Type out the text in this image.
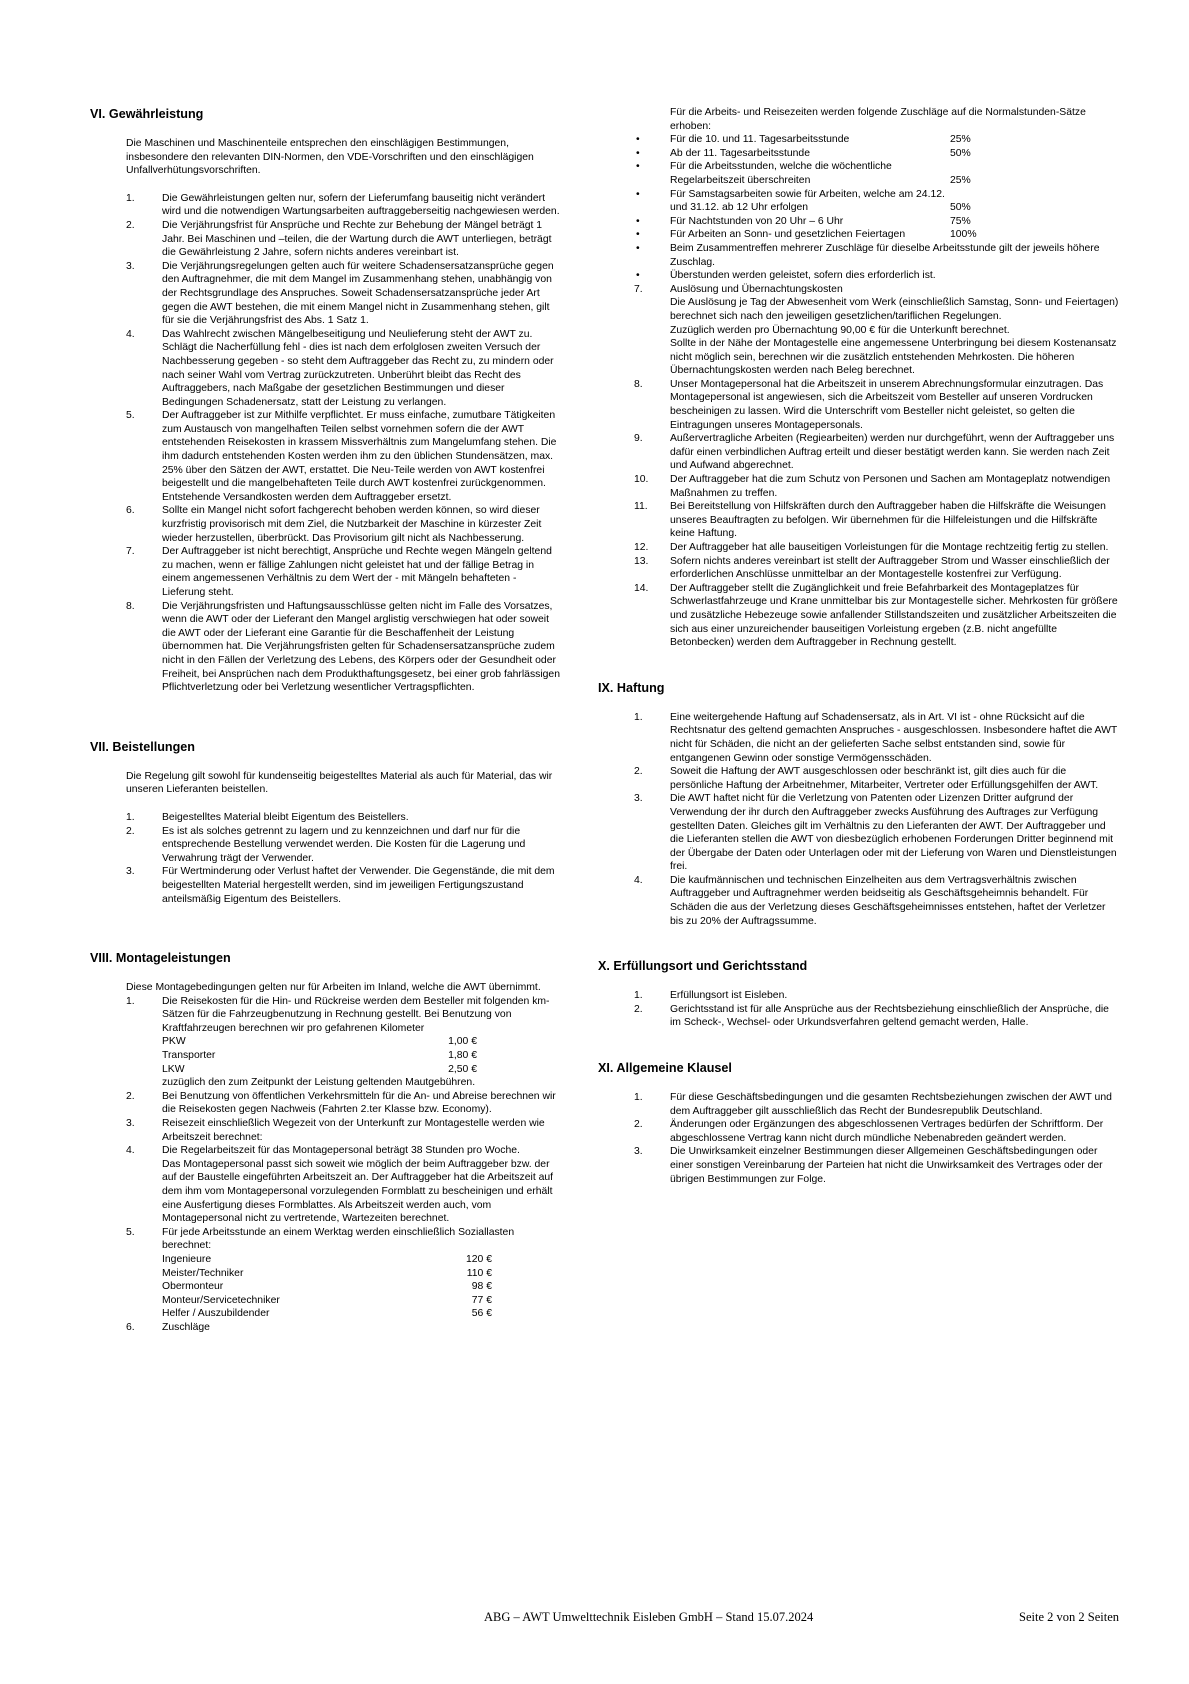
VI. Gewährleistung

Die Maschinen und Maschinenteile entsprechen den einschlägigen Bestimmungen, insbesondere den relevanten DIN-Normen, den VDE-Vorschriften und den einschlägigen Unfallverhütungsvorschriften.

1.	Die Gewährleistungen gelten nur, sofern der Lieferumfang bauseitig nicht verändert wird und die notwendigen Wartungsarbeiten auftraggeberseitig nachgewiesen werden.
2.	Die Verjährungsfrist für Ansprüche und Rechte zur Behebung der Mängel beträgt 1 Jahr. Bei Maschinen und –teilen, die der Wartung durch die AWT unterliegen, beträgt die Gewährleistung 2 Jahre, sofern nichts anderes vereinbart ist.
3.	Die Verjährungsregelungen gelten auch für weitere Schadensersatzansprüche gegen den Auftragnehmer, die mit dem Mangel im Zusammenhang stehen, unabhängig von der Rechtsgrundlage des Anspruches. Soweit Schadensersatzansprüche jeder Art gegen die AWT bestehen, die mit einem Mangel nicht in Zusammenhang stehen, gilt für sie die Verjährungsfrist des Abs. 1 Satz 1.
4.	Das Wahlrecht zwischen Mängelbeseitigung und Neulieferung steht der AWT zu. Schlägt die Nacherfüllung fehl - dies ist nach dem erfolglosen zweiten Versuch der Nachbesserung gegeben - so steht dem Auftraggeber das Recht zu, zu mindern oder nach seiner Wahl vom Vertrag zurückzutreten. Unberührt bleibt das Recht des Auftraggebers, nach Maßgabe der gesetzlichen Bestimmungen und dieser Bedingungen Schadenersatz, statt der Leistung zu verlangen.
5.	Der Auftraggeber ist zur Mithilfe verpflichtet. Er muss einfache, zumutbare Tätigkeiten zum Austausch von mangelhaften Teilen selbst vornehmen sofern die der AWT entstehenden Reisekosten in krassem Missverhältnis zum Mangelumfang stehen. Die ihm dadurch entstehenden Kosten werden ihm zu den üblichen Stundensätzen, max. 25% über den Sätzen der AWT, erstattet. Die Neu-Teile werden von AWT kostenfrei beigestellt und die mangelbehafteten Teile durch AWT kostenfrei zurückgenommen. Entstehende Versandkosten werden dem Auftraggeber ersetzt.
6.	Sollte ein Mangel nicht sofort fachgerecht behoben werden können, so wird dieser kurzfristig provisorisch mit dem Ziel, die Nutzbarkeit der Maschine in kürzester Zeit wieder herzustellen, überbrückt. Das Provisorium gilt nicht als Nachbesserung.
7.	Der Auftraggeber ist nicht berechtigt, Ansprüche und Rechte wegen Mängeln geltend zu machen, wenn er fällige Zahlungen nicht geleistet hat und der fällige Betrag in einem angemessenen Verhältnis zu dem Wert der - mit Mängeln behafteten - Lieferung steht.
8.	Die Verjährungsfristen und Haftungsausschlüsse gelten nicht im Falle des Vorsatzes, wenn die AWT oder der Lieferant den Mangel arglistig verschwiegen hat oder soweit die AWT oder der Lieferant eine Garantie für die Beschaffenheit der Leistung übernommen hat. Die Verjährungsfristen gelten für Schadensersatzansprüche zudem nicht in den Fällen der Verletzung des Lebens, des Körpers oder der Gesundheit oder Freiheit, bei Ansprüchen nach dem Produkthaftungsgesetz, bei einer grob fahrlässigen Pflichtverletzung oder bei Verletzung wesentlicher Vertragspflichten.
VII. Beistellungen

Die Regelung gilt sowohl für kundenseitig beigestelltes Material als auch für Material, das wir unseren Lieferanten beistellen.

1.	Beigestelltes Material bleibt Eigentum des Beistellers.
2.	Es ist als solches getrennt zu lagern und zu kennzeichnen und darf nur für die entsprechende Bestellung verwendet werden. Die Kosten für die Lagerung und Verwahrung trägt der Verwender.
3.	Für Wertminderung oder Verlust haftet der Verwender. Die Gegenstände, die mit dem beigestellten Material hergestellt werden, sind im jeweiligen Fertigungszustand anteilsmäßig Eigentum des Beistellers.
VIII. Montageleistungen

Diese Montagebedingungen gelten nur für Arbeiten im Inland, welche die AWT übernimmt.

1.	Die Reisekosten für die Hin- und Rückreise werden dem Besteller mit folgenden km-Sätzen für die Fahrzeugbenutzung in Rechnung gestellt. Bei Benutzung von Kraftfahrzeugen berechnen wir pro gefahrenen Kilometer
PKW	1,00 €
Transporter	1,80 €
LKW	2,50 €
zuzüglich den zum Zeitpunkt der Leistung geltenden Mautgebühren.
2.	Bei Benutzung von öffentlichen Verkehrsmitteln für die An- und Abreise berechnen wir die Reisekosten gegen Nachweis (Fahrten 2.ter Klasse bzw. Economy).
3.	Reisezeit einschließlich Wegezeit von der Unterkunft zur Montagestelle werden wie Arbeitszeit berechnet:
4.	Die Regelarbeitszeit für das Montagepersonal beträgt 38 Stunden pro Woche.
Das Montagepersonal passt sich soweit wie möglich der beim Auftraggeber bzw. der auf der Baustelle eingeführten Arbeitszeit an. Der Auftraggeber hat die Arbeitszeit auf dem ihm vom Montagepersonal vorzulegenden Formblatt zu bescheinigen und erhält eine Ausfertigung dieses Formblattes. Als Arbeitszeit werden auch, vom Montagepersonal nicht zu vertretende, Wartezeiten berechnet.
5.	Für jede Arbeitsstunde an einem Werktag werden einschließlich Soziallasten berechnet:
Ingenieure	120 €
Meister/Techniker	110 €
Obermonteur	98 €
Monteur/Servicetechniker	77 €
Helfer / Auszubildender	56 €
6.	Zuschläge
Für die Arbeits- und Reisezeiten werden folgende Zuschläge auf die Normalstunden-Sätze erhoben:
• Für die 10. und 11. Tagesarbeitsstunde	25%
• Ab der 11. Tagesarbeitsstunde	50%
• Für die Arbeitsstunden, welche die wöchentliche Regelarbeitszeit überschreiten	25%
• Für Samstagsarbeiten sowie für Arbeiten, welche am 24.12. und 31.12. ab 12 Uhr erfolgen	50%
• Für Nachtstunden von 20 Uhr – 6 Uhr	75%
• Für Arbeiten an Sonn- und gesetzlichen Feiertagen	100%
• Beim Zusammentreffen mehrerer Zuschläge für dieselbe Arbeitsstunde gilt der jeweils höhere Zuschlag.
• Überstunden werden geleistet, sofern dies erforderlich ist.
7.	Auslösung und Übernachtungskosten
Die Auslösung je Tag der Abwesenheit vom Werk (einschließlich Samstag, Sonn- und Feiertagen) berechnet sich nach den jeweiligen gesetzlichen/tariflichen Regelungen.
Zuzüglich werden pro Übernachtung 90,00 € für die Unterkunft berechnet.
Sollte in der Nähe der Montagestelle eine angemessene Unterbringung bei diesem Kostenansatz nicht möglich sein, berechnen wir die zusätzlich entstehenden Mehrkosten. Die höheren Übernachtungskosten werden nach Beleg berechnet.
8.	Unser Montagepersonal hat die Arbeitszeit in unserem Abrechnungsformular einzutragen. Das Montagepersonal ist angewiesen, sich die Arbeitszeit vom Besteller auf unseren Vordrucken bescheinigen zu lassen. Wird die Unterschrift vom Besteller nicht geleistet, so gelten die Eintragungen unseres Montagepersonals.
9.	Außervertragliche Arbeiten (Regiearbeiten) werden nur durchgeführt, wenn der Auftraggeber uns dafür einen verbindlichen Auftrag erteilt und dieser bestätigt werden kann. Sie werden nach Zeit und Aufwand abgerechnet.
10. Der Auftraggeber hat die zum Schutz von Personen und Sachen am Montageplatz notwendigen Maßnahmen zu treffen.
11. Bei Bereitstellung von Hilfskräften durch den Auftraggeber haben die Hilfskräfte die Weisungen unseres Beauftragten zu befolgen. Wir übernehmen für die Hilfeleistungen und die Hilfskräfte keine Haftung.
12. Der Auftraggeber hat alle bauseitigen Vorleistungen für die Montage rechtzeitig fertig zu stellen.
13. Sofern nichts anderes vereinbart ist stellt der Auftraggeber Strom und Wasser einschließlich der erforderlichen Anschlüsse unmittelbar an der Montagestelle kostenfrei zur Verfügung.
14. Der Auftraggeber stellt die Zugänglichkeit und freie Befahrbarkeit des Montageplatzes für Schwerlastfahrzeuge und Krane unmittelbar bis zur Montagestelle sicher. Mehrkosten für größere und zusätzliche Hebezeuge sowie anfallender Stillstandszeiten und zusätzlicher Arbeitszeiten die sich aus einer unzureichender bauseitigen Vorleistung ergeben (z.B. nicht angefüllte Betonbecken) werden dem Auftraggeber in Rechnung gestellt.
IX. Haftung
1.	Eine weitergehende Haftung auf Schadensersatz, als in Art. VI ist - ohne Rücksicht auf die Rechtsnatur des geltend gemachten Anspruches - ausgeschlossen. Insbesondere haftet die AWT nicht für Schäden, die nicht an der gelieferten Sache selbst entstanden sind, sowie für entgangenen Gewinn oder sonstige Vermögensschäden.
2.	Soweit die Haftung der AWT ausgeschlossen oder beschränkt ist, gilt dies auch für die persönliche Haftung der Arbeitnehmer, Mitarbeiter, Vertreter oder Erfüllungsgehilfen der AWT.
3.	Die AWT haftet nicht für die Verletzung von Patenten oder Lizenzen Dritter aufgrund der Verwendung der ihr durch den Auftraggeber zwecks Ausführung des Auftrages zur Verfügung gestellten Daten. Gleiches gilt im Verhältnis zu den Lieferanten der AWT. Der Auftraggeber und die Lieferanten stellen die AWT von diesbezüglich erhobenen Forderungen Dritter beginnend mit der Übergabe der Daten oder Unterlagen oder mit der Lieferung von Waren und Dienstleistungen frei.
4.	Die kaufmännischen und technischen Einzelheiten aus dem Vertragsverhältnis zwischen Auftraggeber und Auftragnehmer werden beidseitig als Geschäftsgeheimnis behandelt. Für Schäden die aus der Verletzung dieses Geschäftsgeheimnisses entstehen, haftet der Verletzer bis zu 20% der Auftragssumme.
X. Erfüllungsort und Gerichtsstand
1.	Erfüllungsort ist Eisleben.
2.	Gerichtsstand ist für alle Ansprüche aus der Rechtsbeziehung einschließlich der Ansprüche, die im Scheck-, Wechsel- oder Urkundsverfahren geltend gemacht werden, Halle.
XI. Allgemeine Klausel
1.	Für diese Geschäftsbedingungen und die gesamten Rechtsbeziehungen zwischen der AWT und dem Auftraggeber gilt ausschließlich das Recht der Bundesrepublik Deutschland.
2.	Änderungen oder Ergänzungen des abgeschlossenen Vertrages bedürfen der Schriftform. Der abgeschlossene Vertrag kann nicht durch mündliche Nebenabreden geändert werden.
3.	Die Unwirksamkeit einzelner Bestimmungen dieser Allgemeinen Geschäftsbedingungen oder einer sonstigen Vereinbarung der Parteien hat nicht die Unwirksamkeit des Vertrages oder der übrigen Bestimmungen zur Folge.
ABG – AWT Umwelttechnik Eisleben GmbH – Stand 15.07.2024	Seite 2 von 2 Seiten
